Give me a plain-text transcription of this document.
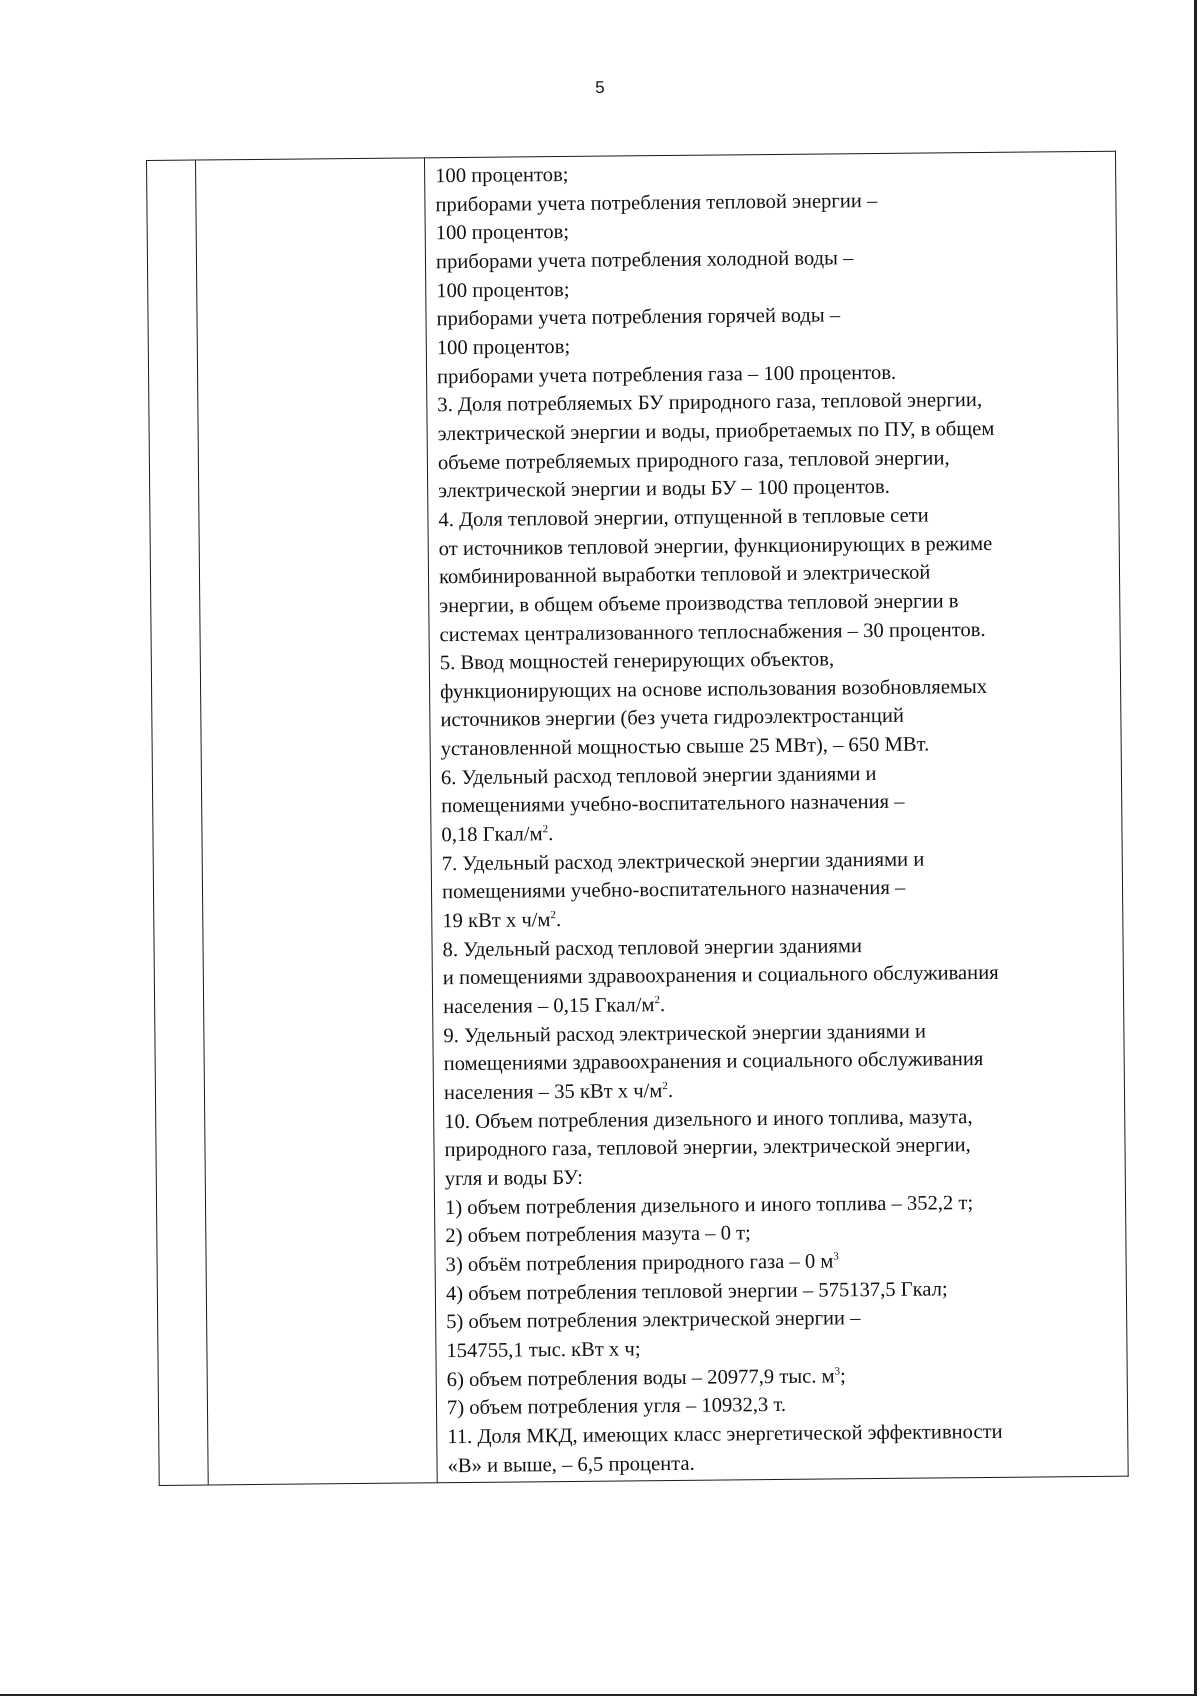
5

100 процентов;
приборами учета потребления тепловой энергии –
100 процентов;
приборами учета потребления холодной воды –
100 процентов;
приборами учета потребления горячей воды –
100 процентов;
приборами учета потребления газа – 100 процентов.
3. Доля потребляемых БУ природного газа, тепловой энергии,
электрической энергии и воды, приобретаемых по ПУ, в общем
объеме потребляемых природного газа, тепловой энергии,
электрической энергии и воды БУ – 100 процентов.
4. Доля тепловой энергии, отпущенной в тепловые сети
от источников тепловой энергии, функционирующих в режиме
комбинированной выработки тепловой и электрической
энергии, в общем объеме производства тепловой энергии в
системах централизованного теплоснабжения – 30 процентов.
5. Ввод мощностей генерирующих объектов,
функционирующих на основе использования возобновляемых
источников энергии (без учета гидроэлектростанций
установленной мощностью свыше 25 МВт), – 650 МВт.
6. Удельный расход тепловой энергии зданиями и
помещениями учебно-воспитательного назначения –
0,18 Гкал/$м^2$.
7. Удельный расход электрической энергии зданиями и
помещениями учебно-воспитательного назначения –
19 кВт х $ч/м^2$.
8. Удельный расход тепловой энергии зданиями
и помещениями здравоохранения и социального обслуживания
населения – 0,15 Гкал/$м^2$.
9. Удельный расход электрической энергии зданиями и
помещениями здравоохранения и социального обслуживания
населения – 35 кВт х $ч/м^2$.
10. Объем потребления дизельного и иного топлива, мазута,
природного газа, тепловой энергии, электрической энергии,
угля и воды БУ:
1) объем потребления дизельного и иного топлива – 352,2 т;
2) объем потребления мазута – 0 т;
3) объём потребления природного газа – 0 $м^3$
4) объем потребления тепловой энергии – 575137,5 Гкал;
5) объем потребления электрической энергии –
154755,1 тыс. кВт х ч;
6) объем потребления воды – 20977,9 тыс. $м^3$;
7) объем потребления угля – 10932,3 т.
11. Доля МКД, имеющих класс энергетической эффективности
«В» и выше, – 6,5 процента.
